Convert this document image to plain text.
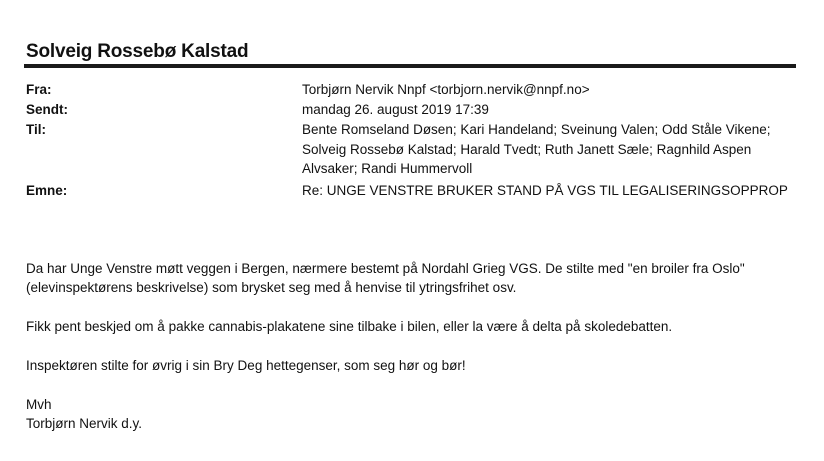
Solveig Rossebø Kalstad
Fra:	Torbjørn Nervik Nnpf <torbjorn.nervik@nnpf.no>
Sendt:	mandag 26. august 2019 17:39
Til:	Bente Romseland Døsen; Kari Handeland; Sveinung Valen; Odd Ståle Vikene; Solveig Rossebø Kalstad; Harald Tvedt; Ruth Janett Sæle; Ragnhild Aspen Alvsaker; Randi Hummervoll
Emne:	Re: UNGE VENSTRE BRUKER STAND PÅ VGS TIL LEGALISERINGSOPPROP
Da har Unge Venstre møtt veggen i Bergen, nærmere bestemt på Nordahl Grieg VGS. De stilte med "en broiler fra Oslo" (elevinspektørens beskrivelse) som brysket seg med å henvise til ytringsfrihet osv.
Fikk pent beskjed om å pakke cannabis-plakatene sine tilbake i bilen, eller la være å delta på skoledebatten.
Inspektøren stilte for øvrig i sin Bry Deg hettegenser, som seg hør og bør!
Mvh
Torbjørn Nervik d.y.
